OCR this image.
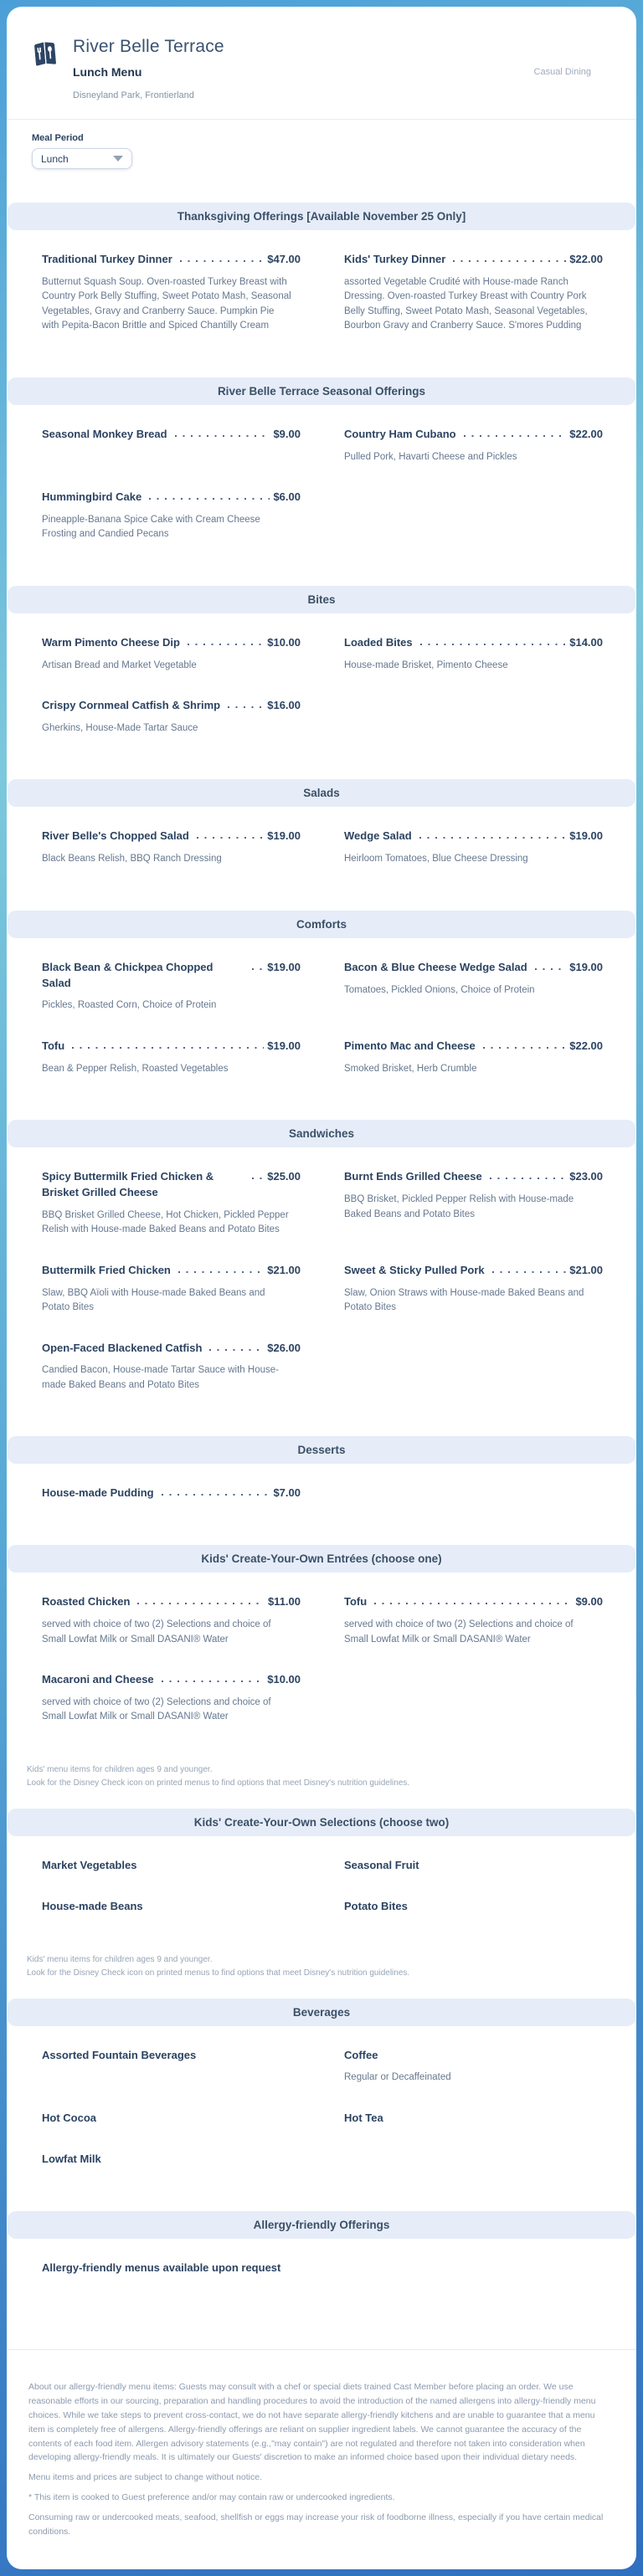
River Belle Terrace
Lunch Menu
Disneyland Park, Frontierland
Casual Dining
Meal Period
Lunch
Thanksgiving Offerings [Available November 25 Only]
Traditional Turkey Dinner	$47.00
Butternut Squash Soup. Oven-roasted Turkey Breast with Country Pork Belly Stuffing, Sweet Potato Mash, Seasonal Vegetables, Gravy and Cranberry Sauce. Pumpkin Pie with Pepita-Bacon Brittle and Spiced Chantilly Cream
Kids' Turkey Dinner	$22.00
assorted Vegetable Crudité with House-made Ranch Dressing. Oven-roasted Turkey Breast with Country Pork Belly Stuffing, Sweet Potato Mash, Seasonal Vegetables, Bourbon Gravy and Cranberry Sauce. S'mores Pudding
River Belle Terrace Seasonal Offerings
Seasonal Monkey Bread	$9.00	Country Ham Cubano	$22.00
Pulled Pork, Havarti Cheese and Pickles
Hummingbird Cake	$6.00
Pineapple-Banana Spice Cake with Cream Cheese Frosting and Candied Pecans
Bites
Warm Pimento Cheese Dip	$10.00
Artisan Bread and Market Vegetable
Loaded Bites	$14.00
House-made Brisket, Pimento Cheese
Crispy Cornmeal Catfish & Shrimp	$16.00
Gherkins, House-Made Tartar Sauce
Salads
River Belle's Chopped Salad	$19.00
Black Beans Relish, BBQ Ranch Dressing
Wedge Salad	$19.00
Heirloom Tomatoes, Blue Cheese Dressing
Comforts
Black Bean & Chickpea Chopped Salad
$19.00
Pickles, Roasted Corn, Choice of Protein
Bacon & Blue Cheese Wedge Salad	$19.00
Tomatoes, Pickled Onions, Choice of Protein
Tofu	$19.00
Bean & Pepper Relish, Roasted Vegetables
Pimento Mac and Cheese	$22.00
Smoked Brisket, Herb Crumble
Sandwiches
Spicy Buttermilk Fried Chicken & Brisket Grilled Cheese
$25.00
BBQ Brisket Grilled Cheese, Hot Chicken, Pickled Pepper Relish with House-made Baked Beans and Potato Bites
Burnt Ends Grilled Cheese	$23.00
BBQ Brisket, Pickled Pepper Relish with House-made Baked Beans and Potato Bites
Buttermilk Fried Chicken	$21.00
Slaw, BBQ Aïoli with House-made Baked Beans and Potato Bites
Sweet & Sticky Pulled Pork	$21.00
Slaw, Onion Straws with House-made Baked Beans and Potato Bites
Open-Faced Blackened Catfish	$26.00
Candied Bacon, House-made Tartar Sauce with House-made Baked Beans and Potato Bites
Desserts
House-made Pudding	$7.00
Kids' Create-Your-Own Entrées (choose one)
Roasted Chicken	$11.00
served with choice of two (2) Selections and choice of Small Lowfat Milk or Small DASANI® Water
Tofu	$9.00
served with choice of two (2) Selections and choice of Small Lowfat Milk or Small DASANI® Water
Macaroni and Cheese	$10.00
served with choice of two (2) Selections and choice of Small Lowfat Milk or Small DASANI® Water
Kids' menu items for children ages 9 and younger.
Look for the Disney Check icon on printed menus to find options that meet Disney's nutrition guidelines.
Kids' Create-Your-Own Selections (choose two)
Market Vegetables	Seasonal Fruit
House-made Beans	Potato Bites
Kids' menu items for children ages 9 and younger.
Look for the Disney Check icon on printed menus to find options that meet Disney's nutrition guidelines.
Beverages
Assorted Fountain Beverages	Coffee
Regular or Decaffeinated
Hot Cocoa	Hot Tea
Lowfat Milk
Allergy-friendly Offerings
Allergy-friendly menus available upon request

About our allergy-friendly menu items: Guests may consult with a chef or special diets trained Cast Member before placing an order. We use reasonable efforts in our sourcing, preparation and handling procedures to avoid the introduction of the named allergens into allergy-friendly menu choices. While we take steps to prevent cross-contact, we do not have separate allergy-friendly kitchens and are unable to guarantee that a menu item is completely free of allergens. Allergy-friendly offerings are reliant on supplier ingredient labels. We cannot guarantee the accuracy of the contents of each food item. Allergen advisory statements (e.g.,"may contain") are not regulated and therefore not taken into consideration when developing allergy-friendly meals. It is ultimately our Guests' discretion to make an informed choice based upon their individual dietary needs.

Menu items and prices are subject to change without notice.

* This item is cooked to Guest preference and/or may contain raw or undercooked ingredients.

Consuming raw or undercooked meats, seafood, shellfish or eggs may increase your risk of foodborne illness, especially if you have certain medical conditions.
